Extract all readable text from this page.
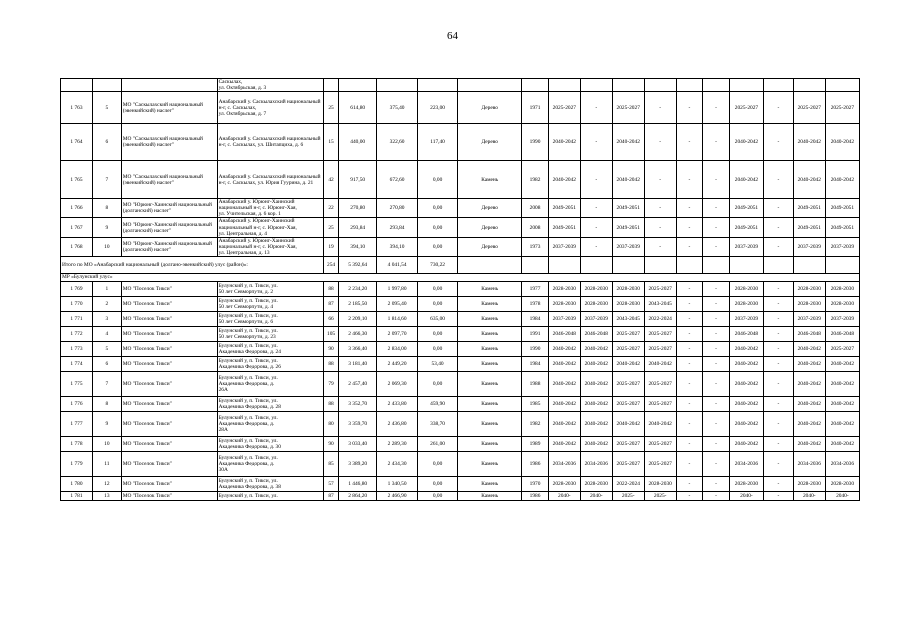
64
			Саскылах,
ул. Октябрьская, д. 3																
1 763	5	МО "Саскылахский национальный (эвенкийский) наслег"	Анабарский у. Саскылахский национальный н-г, с. Саскылах,
ул. Октябрьская, д. 7	25	614,80	375,40	223,00	Дерево	1971	2025-2027	-	2025-2027	-	-	-	2025-2027	-	2025-2027	2025-2027
1 764	6	МО "Саскылахский национальный (эвенкийский) наслег"	Анабарский у. Саскылахский национальный н-г, с. Саскылах, ул. Шитапциха, д. 6	15	440,00	322,60	117,40	Дерево	1990	2040-2042	-	2040-2042	-	-	-	2040-2042	-	2040-2042	2040-2042
1 765	7	МО "Саскылахский национальный (эвенкийский) наслег"	Анабарский у. Саскылахский национальный н-г, с. Саскылах, ул. Юрия Гуурина, д. 21	42	917,50	672,60	0,00	Камень	1982	2040-2042	-	2040-2042	-	-	-	2040-2042	-	2040-2042	2040-2042
1 766	8	МО "Юрюнг-Хаинский национальный (долганский) наслег"	Анабарский у. Юрюнг-Хаинский национальный н-г, с. Юрюнг-Хая,
ул. Учительская, д. 6 кор. 1	22	270,80	270,80	0,00	Дерево	2008	2049-2051	-	2049-2051	-	-	-	2049-2051	-	2049-2051	2049-2051
1 767	9	МО "Юрюнг-Хаинский национальный (долганский) наслег"	Анабарский у. Юрюнг-Хаинский национальный н-г, с. Юрюнг-Хая,
ул. Центральная, д. 4	25	293,84	293,84	0,00	Дерево	2008	2049-2051	-	2049-2051	-	-	-	2049-2051	-	2049-2051	2049-2051
1 768	10	МО "Юрюнг-Хаинский национальный (долганский) наслег"	Анабарский у. Юрюнг-Хаинский национальный н-г, с. Юрюнг-Хая,
ул. Центральная, д. 13	19	394,10	394,10	0,00	Дерево	1973	2037-2039	-	2037-2039	-	-	-	2037-2039	-	2037-2039	2037-2039
Итого по МО «Анабарский национальный (долгано-эвенкийский) улус (район)»:				254	5 392,64	4 041,54	730,22												
МР «Булунский улус»																			
1 769	1	МО "Поселок Тикси"	Булунский у, п. Тикси, ул.
50 лет Севморпути, д. 2	88	2 234,20	1 997,80	0,00	Камень	1977	2028-2030	2028-2030	2028-2030	2025-2027	-	-	2028-2030	-	2028-2030	2028-2030
1 770	2	МО "Поселок Тикси"	Булунский у, п. Тикси, ул.
50 лет Севморпути, д. 4	87	2 185,50	2 095,40	0,00	Камень	1978	2028-2030	2028-2030	2028-2030	2043-2045	-	-	2028-2030	-	2028-2030	2028-2030
1 771	3	МО "Поселок Тикси"	Булунский у, п. Тикси, ул.
50 лет Севморпути, д. 6	66	2 209,10	1 814,60	635,00	Камень	1984	2037-2039	2037-2039	2043-2045	2022-2024	-	-	2037-2039	-	2037-2039	2037-2039
1 772	4	МО "Поселок Тикси"	Булунский у, п. Тикси, ул.
50 лет Севморпути, д. 23	105	2 466,30	2 097,70	0,00	Камень	1991	2046-2048	2046-2048	2025-2027	2025-2027	-	-	2046-2048	-	2046-2048	2046-2048
1 773	5	МО "Поселок Тикси"	Булунский у, п. Тикси, ул.
Академика Федорова, д. 24	90	3 366,40	2 834,00	0,00	Камень	1990	2040-2042	2040-2042	2025-2027	2025-2027	-	-	2040-2042	-	2040-2042	2025-2027
1 774	6	МО "Поселок Тикси"	Булунский у, п. Тикси, ул.
Академика Федорова, д. 26	88	3 181,40	2 449,20	53,40	Камень	1984	2040-2042	2040-2042	2040-2042	2040-2042	-	-	2040-2042	-	2040-2042	2040-2042
1 775	7	МО "Поселок Тикси"	Булунский у, п. Тикси, ул.
Академика Федорова, д.
26А	79	2 457,40	2 069,30	0,00	Камень	1988	2040-2042	2040-2042	2025-2027	2025-2027	-	-	2040-2042	-	2040-2042	2040-2042
1 776	8	МО "Поселок Тикси"	Булунский у, п. Тикси, ул.
Академика Федорова, д. 28	88	3 352,70	2 433,80	459,90	Камень	1985	2040-2042	2040-2042	2025-2027	2025-2027	-	-	2040-2042	-	2040-2042	2040-2042
1 777	9	МО "Поселок Тикси"	Булунский у, п. Тикси, ул.
Академика Федорова, д.
28А	80	3 359,70	2 436,80	338,70	Камень	1982	2040-2042	2040-2042	2040-2042	2040-2042	-	-	2040-2042	-	2040-2042	2040-2042
1 778	10	МО "Поселок Тикси"	Булунский у, п. Тикси, ул.
Академика Федорова, д. 30	90	3 033,40	2 289,30	261,00	Камень	1989	2040-2042	2040-2042	2025-2027	2025-2027	-	-	2040-2042	-	2040-2042	2040-2042
1 779	11	МО "Поселок Тикси"	Булунский у, п. Тикси, ул.
Академика Федорова, д.
30А	85	3 389,20	2 434,30	0,00	Камень	1986	2034-2036	2034-2036	2025-2027	2025-2027	-	-	2034-2036	-	2034-2036	2034-2036
1 780	12	МО "Поселок Тикси"	Булунский у, п. Тикси, ул.
Академика Федорова, д. 38	57	1 446,80	1 340,50	0,00	Камень	1970	2028-2030	2028-2030	2022-2024	2028-2030	-	-	2028-2030	-	2028-2030	2028-2030
1 781	13	МО "Поселок Тикси"	Булунский у, п. Тикси, ул.	87	2 864,20	2 466,90	0,00	Камень	1986	2040-	2040-	2025-	2025-	-	-	2040-	-	2040-	2040-
